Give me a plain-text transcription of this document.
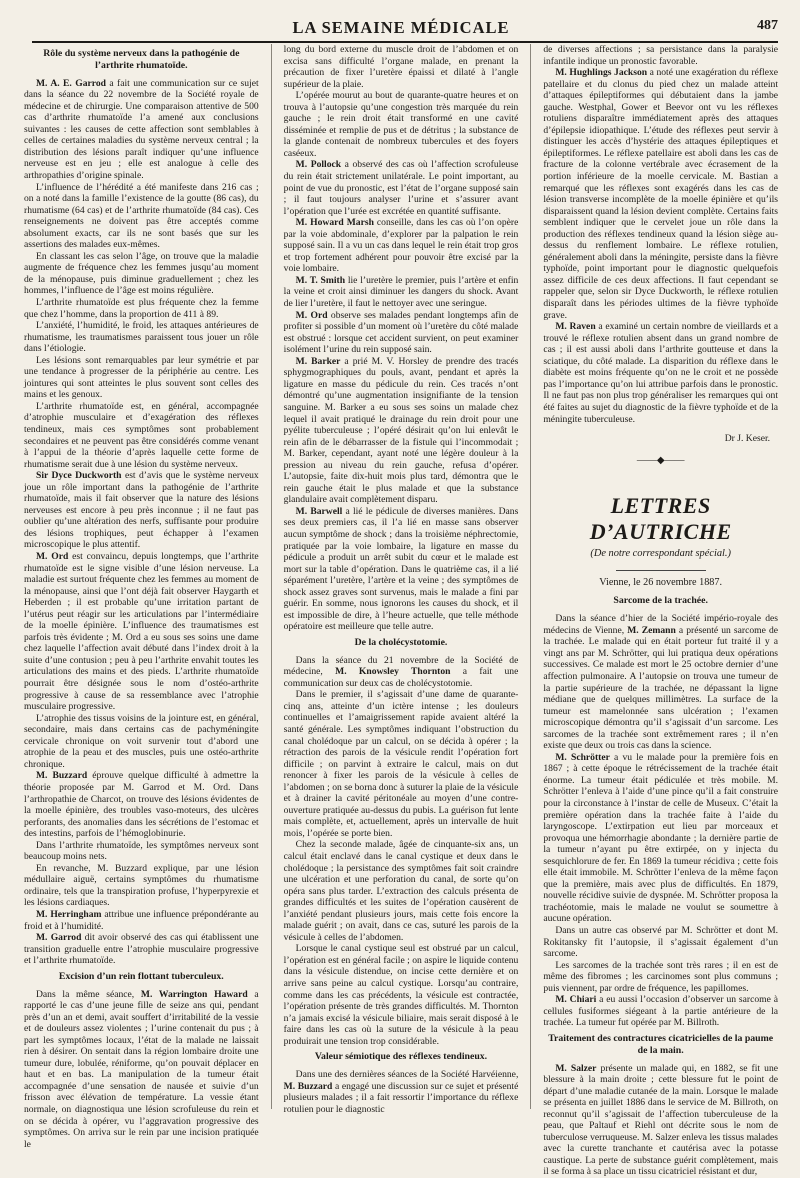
LA SEMAINE MÉDICALE	487
Rôle du système nerveux dans la pathogénie de l’arthrite rhumatoïde.

M. A. E. Garrod a fait une communication sur ce sujet dans la séance du 22 novembre de la Société royale de médecine et de chirurgie. Une comparaison attentive de 500 cas d’arthrite rhumatoïde l’a amené aux conclusions suivantes : les causes de cette affection sont semblables à celles de certaines maladies du système nerveux central ; la distribution des lésions paraît indiquer qu’une influence nerveuse est en jeu ; elle est analogue à celle des arthropathies d’origine spinale.

L’influence de l’hérédité a été manifeste dans 216 cas ; on a noté dans la famille l’existence de la goutte (86 cas), du rhumatisme (64 cas) et de l’arthrite rhumatoïde (84 cas). Ces renseignements ne doivent pas être acceptés comme absolument exacts, car ils ne sont basés que sur les assertions des malades eux-mêmes.

En classant les cas selon l’âge, on trouve que la maladie augmente de fréquence chez les femmes jusqu’au moment de la ménopause, puis diminue graduellement ; chez les hommes, l’influence de l’âge est moins régulière.

L’arthrite rhumatoïde est plus fréquente chez la femme que chez l’homme, dans la proportion de 411 à 89.

L’anxiété, l’humidité, le froid, les attaques antérieures de rhumatisme, les traumatismes paraissent tous jouer un rôle dans l’étiologie.

Les lésions sont remarquables par leur symétrie et par une tendance à progresser de la périphérie au centre. Les jointures qui sont atteintes le plus souvent sont celles des mains et les genoux.

L’arthrite rhumatoïde est, en général, accompagnée d’atrophie musculaire et d’exagération des réflexes tendineux, mais ces symptômes sont probablement secondaires et ne peuvent pas être considérés comme venant à l’appui de la théorie d’après laquelle cette forme de rhumatisme serait due à une lésion du système nerveux.

Sir Dyce Duckworth est d’avis que le système nerveux joue un rôle important dans la pathogénie de l’arthrite rhumatoïde, mais il fait observer que la nature des lésions nerveuses est encore à peu près inconnue ; il ne faut pas oublier qu’une altération des nerfs, suffisante pour produire des lésions trophiques, peut échapper à l’examen microscopique le plus attentif.

M. Ord est convaincu, depuis longtemps, que l’arthrite rhumatoïde est le signe visible d’une lésion nerveuse. La maladie est surtout fréquente chez les femmes au moment de la ménopause, ainsi que l’ont déjà fait observer Haygarth et Heberden ; il est probable qu’une irritation partant de l’utérus peut réagir sur les articulations par l’intermédiaire de la moelle épinière. L’influence des traumatismes est parfois très évidente ; M. Ord a eu sous ses soins une dame chez laquelle l’affection avait débuté dans l’index droit à la suite d’une contusion ; peu à peu l’arthrite envahit toutes les articulations des mains et des pieds. L’arthrite rhumatoïde pourrait être désignée sous le nom d’ostéo-arthrite progressive à cause de sa ressemblance avec l’atrophie musculaire progressive.

L’atrophie des tissus voisins de la jointure est, en général, secondaire, mais dans certains cas de pachyméningite cervicale chronique on voit survenir tout d’abord une atrophie de la peau et des muscles, puis une ostéo-arthrite chronique.

M. Buzzard éprouve quelque difficulté à admettre la théorie proposée par M. Garrod et M. Ord. Dans l’arthropathie de Charcot, on trouve des lésions évidentes de la moelle épinière, des troubles vaso-moteurs, des ulcères perforants, des anomalies dans les sécrétions de l’estomac et des intestins, parfois de l’hémoglobinurie.

Dans l’arthrite rhumatoïde, les symptômes nerveux sont beaucoup moins nets.

En revanche, M. Buzzard explique, par une lésion médullaire aiguë, certains symptômes du rhumatisme ordinaire, tels que la transpiration profuse, l’hyperpyrexie et les lésions cardiaques.

M. Herringham attribue une influence prépondérante au froid et à l’humidité.

M. Garrod dit avoir observé des cas qui établissent une transition graduelle entre l’atrophie musculaire progressive et l’arthrite rhumatoïde.

Excision d’un rein flottant tuberculeux.

Dans la même séance, M. Warrington Haward a rapporté le cas d’une jeune fille de seize ans qui, pendant près d’un an et demi, avait souffert d’irritabilité de la vessie et de douleurs assez violentes ; l’urine contenait du pus ; à part les symptômes locaux, l’état de la malade ne laissait rien à désirer. On sentait dans la région lombaire droite une tumeur dure, lobulée, réniforme, qu’on pouvait déplacer en haut et en bas. La manipulation de la tumeur était accompagnée d’une sensation de nausée et suivie d’un frisson avec élévation de température. La vessie étant normale, on diagnostiqua une lésion scrofuleuse du rein et on se décida à opérer, vu l’aggravation progressive des symptômes. On arriva sur le rein par une incision pratiquée le

long du bord externe du muscle droit de l’abdomen et on excisa sans difficulté l’organe malade, en prenant la précaution de fixer l’uretère épaissi et dilaté à l’angle supérieur de la plaie.

L’opérée mourut au bout de quarante-quatre heures et on trouva à l’autopsie qu’une congestion très marquée du rein gauche ; le rein droit était transformé en une cavité disséminée et remplie de pus et de détritus ; la substance de la glande contenait de nombreux tubercules et des foyers caséeux.

M. Pollock a observé des cas où l’affection scrofuleuse du rein était strictement unilatérale. Le point important, au point de vue du pronostic, est l’état de l’organe supposé sain ; il faut toujours analyser l’urine et s’assurer avant l’opération que l’urée est excrétée en quantité suffisante.

M. Howard Marsh conseille, dans les cas où l’on opère par la voie abdominale, d’explorer par la palpation le rein supposé sain. Il a vu un cas dans lequel le rein était trop gros et trop fortement adhérent pour pouvoir être excisé par la voie lombaire.

M. T. Smith lie l’uretère le premier, puis l’artère et enfin la veine et croit ainsi diminuer les dangers du shock. Avant de lier l’uretère, il faut le nettoyer avec une seringue.

M. Ord observe ses malades pendant longtemps afin de profiter si possible d’un moment où l’uretère du côté malade est obstrué : lorsque cet accident survient, on peut examiner isolément l’urine du rein supposé sain.

M. Barker a prié M. V. Horsley de prendre des tracés sphygmographiques du pouls, avant, pendant et après la ligature en masse du pédicule du rein. Ces tracés n’ont démontré qu’une augmentation insignifiante de la tension sanguine. M. Barker a eu sous ses soins un malade chez lequel il avait pratiqué le drainage du rein droit pour une pyélite tuberculeuse ; l’opéré désirait qu’on lui enlevât le rein afin de le débarrasser de la fistule qui l’incommodait ; M. Barker, cependant, ayant noté une légère douleur à la pression au niveau du rein gauche, refusa d’opérer. L’autopsie, faite dix-huit mois plus tard, démontra que le rein gauche était le plus malade et que la substance glandulaire avait complètement disparu.

M. Barwell a lié le pédicule de diverses manières. Dans ses deux premiers cas, il l’a lié en masse sans observer aucun symptôme de shock ; dans la troisième néphrectomie, pratiquée par la voie lombaire, la ligature en masse du pédicule a produit un arrêt subit du cœur et le malade est mort sur la table d’opération. Dans le quatrième cas, il a lié séparément l’uretère, l’artère et la veine ; des symptômes de shock assez graves sont survenus, mais le malade a fini par guérir. En somme, nous ignorons les causes du shock, et il est impossible de dire, à l’heure actuelle, que telle méthode opératoire est meilleure que telle autre.

De la cholécystotomie.

Dans la séance du 21 novembre de la Société de médecine, M. Knowsley Thornton a fait une communication sur deux cas de cholécystotomie.

Dans le premier, il s’agissait d’une dame de quarante-cinq ans, atteinte d’un ictère intense ; les douleurs continuelles et l’amaigrissement rapide avaient altéré la santé générale. Les symptômes indiquant l’obstruction du canal cholédoque par un calcul, on se décida à opérer ; la rétraction des parois de la vésicule rendit l’opération fort difficile ; on parvint à extraire le calcul, mais on dut renoncer à fixer les parois de la vésicule à celles de l’abdomen ; on se borna donc à suturer la plaie de la vésicule et à drainer la cavité péritonéale au moyen d’une contre-ouverture pratiquée au-dessus du pubis. La guérison fut lente mais complète, et, actuellement, après un intervalle de huit mois, l’opérée se porte bien.

Chez la seconde malade, âgée de cinquante-six ans, un calcul était enclavé dans le canal cystique et deux dans le cholédoque ; la persistance des symptômes fait soit craindre une ulcération et une perforation du canal, de sorte qu’on opéra sans plus tarder. L’extraction des calculs présenta de grandes difficultés et les suites de l’opération causèrent de l’anxiété pendant plusieurs jours, mais cette fois encore la malade guérit ; on avait, dans ce cas, suturé les parois de la vésicule à celles de l’abdomen.

Lorsque le canal cystique seul est obstrué par un calcul, l’opération est en général facile ; on aspire le liquide contenu dans la vésicule distendue, on incise cette dernière et on arrive sans peine au calcul cystique. Lorsqu’au contraire, comme dans les cas précédents, la vésicule est contractée, l’opération présente de très grandes difficultés. M. Thornton n’a jamais excisé la vésicule biliaire, mais serait disposé à le faire dans les cas où la suture de la vésicule à la peau produirait une tension trop considérable.

Valeur sémiotique des réflexes tendineux.

Dans une des dernières séances de la Société Harvéienne, M. Buzzard a engagé une discussion sur ce sujet et présenté plusieurs malades ; il a fait ressortir l’importance du réflexe rotulien pour le diagnostic

de diverses affections ; sa persistance dans la paralysie infantile indique un pronostic favorable.

M. Hughlings Jackson a noté une exagération du réflexe patellaire et du clonus du pied chez un malade atteint d’attaques épileptiformes qui débutaient dans la jambe gauche. Westphal, Gower et Beevor ont vu les réflexes rotuliens disparaître immédiatement après des attaques d’épilepsie idiopathique. L’étude des réflexes peut servir à distinguer les accès d’hystérie des attaques épileptiques et épileptiformes. Le réflexe patellaire est aboli dans les cas de fracture de la colonne vertébrale avec écrasement de la portion inférieure de la moelle cervicale. M. Bastian a remarqué que les réflexes sont exagérés dans les cas de lésion transverse incomplète de la moelle épinière et qu’ils disparaissent quand la lésion devient complète. Certains faits semblent indiquer que le cervelet joue un rôle dans la production des réflexes tendineux quand la lésion siège au-dessus du renflement lombaire. Le réflexe rotulien, généralement aboli dans la méningite, persiste dans la fièvre typhoïde, point important pour le diagnostic quelquefois assez difficile de ces deux affections. Il faut cependant se rappeler que, selon sir Dyce Duckworth, le réflexe rotulien disparaît dans les périodes ultimes de la fièvre typhoïde grave.

M. Raven a examiné un certain nombre de vieillards et a trouvé le réflexe rotulien absent dans un grand nombre de cas ; il est aussi aboli dans l’arthrite goutteuse et dans la sciatique, du côté malade. La disparition du réflexe dans le diabète est moins fréquente qu’on ne le croit et ne possède pas l’importance qu’on lui attribue parfois dans le pronostic. Il ne faut pas non plus trop généraliser les remarques qui ont été faites au sujet du diagnostic de la fièvre typhoïde et de la méningite tuberculeuse.

Dr J. Keser.
——◆——
LETTRES D’AUTRICHE
(De notre correspondant spécial.)
Vienne, le 26 novembre 1887.
Sarcome de la trachée.

Dans la séance d’hier de la Société império-royale des médecins de Vienne, M. Zemann a présenté un sarcome de la trachée. Le malade qui en était porteur fut traité il y a vingt ans par M. Schrötter, qui lui pratiqua deux opérations successives. Ce malade est mort le 25 octobre dernier d’une affection pulmonaire. A l’autopsie on trouva une tumeur de la partie supérieure de la trachée, ne dépassant la ligne médiane que de quelques millimètres. La surface de la tumeur est mamelonnée sans ulcération ; l’examen microscopique démontra qu’il s’agissait d’un sarcome. Les sarcomes de la trachée sont extrêmement rares ; il n’en existe que deux ou trois cas dans la science.

M. Schrötter a vu le malade pour la première fois en 1867 ; à cette époque le rétrécissement de la trachée était énorme. La tumeur était pédiculée et très mobile. M. Schrötter l’enleva à l’aide d’une pince qu’il a fait construire pour la circonstance à l’instar de celle de Museux. C’était la première opération dans la trachée faite à l’aide du laryngoscope. L’extirpation eut lieu par morceaux et provoqua une hémorrhagie abondante ; la dernière partie de la tumeur n’ayant pu être extirpée, on y injecta du sesquichlorure de fer. En 1869 la tumeur récidiva ; cette fois elle était immobile. M. Schrötter l’enleva de la même façon que la première, mais avec plus de difficultés. En 1879, nouvelle récidive suivie de dyspnée. M. Schrötter proposa la trachéotomie, mais le malade ne voulut se soumettre à aucune opération.

Dans un autre cas observé par M. Schrötter et dont M. Rokitansky fit l’autopsie, il s’agissait également d’un sarcome.

Les sarcomes de la trachée sont très rares ; il en est de même des fibromes ; les carcinomes sont plus communs ; puis viennent, par ordre de fréquence, les papillomes.

M. Chiari a eu aussi l’occasion d’observer un sarcome à cellules fusiformes siégeant à la partie antérieure de la trachée. La tumeur fut opérée par M. Billroth.

Traitement des contractures cicatricielles de la paume de la main.

M. Salzer présente un malade qui, en 1882, se fit une blessure à la main droite ; cette blessure fut le point de départ d’une maladie cutanée de la main. Lorsque le malade se présenta en juillet 1886 dans le service de M. Billroth, on reconnut qu’il s’agissait de l’affection tuberculeuse de la peau, que Paltauf et Riehl ont décrite sous le nom de tuberculose verruqueuse. M. Salzer enleva les tissus malades avec la curette tranchante et cautérisa avec la potasse caustique. La perte de substance guérit complètement, mais il se forma à sa place un tissu cicatriciel résistant et dur,
